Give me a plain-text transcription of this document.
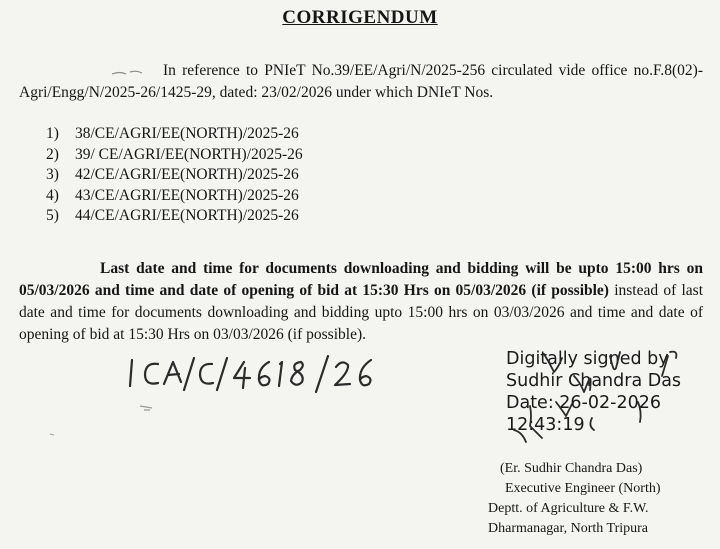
CORRIGENDUM
In reference to PNIeT No.39/EE/Agri/N/2025-256 circulated vide office no.F.8(02)-Agri/Engg/N/2025-26/1425-29, dated: 23/02/2026 under which DNIeT Nos.
1) 38/CE/AGRI/EE(NORTH)/2025-26
2) 39/ CE/AGRI/EE(NORTH)/2025-26
3) 42/CE/AGRI/EE(NORTH)/2025-26
4) 43/CE/AGRI/EE(NORTH)/2025-26
5) 44/CE/AGRI/EE(NORTH)/2025-26
Last date and time for documents downloading and bidding will be upto 15:00 hrs on 05/03/2026 and time and date of opening of bid at 15:30 Hrs on 05/03/2026 (if possible) instead of last date and time for documents downloading and bidding upto 15:00 hrs on 03/03/2026 and time and date of opening of bid at 15:30 Hrs on 03/03/2026 (if possible).
Digitally signed by
Sudhir Chandra Das
Date: 26-02-2026
12:43:19
(Er. Sudhir Chandra Das)
Executive Engineer (North)
Deptt. of Agriculture & F.W.
Dharmanagar, North Tripura
